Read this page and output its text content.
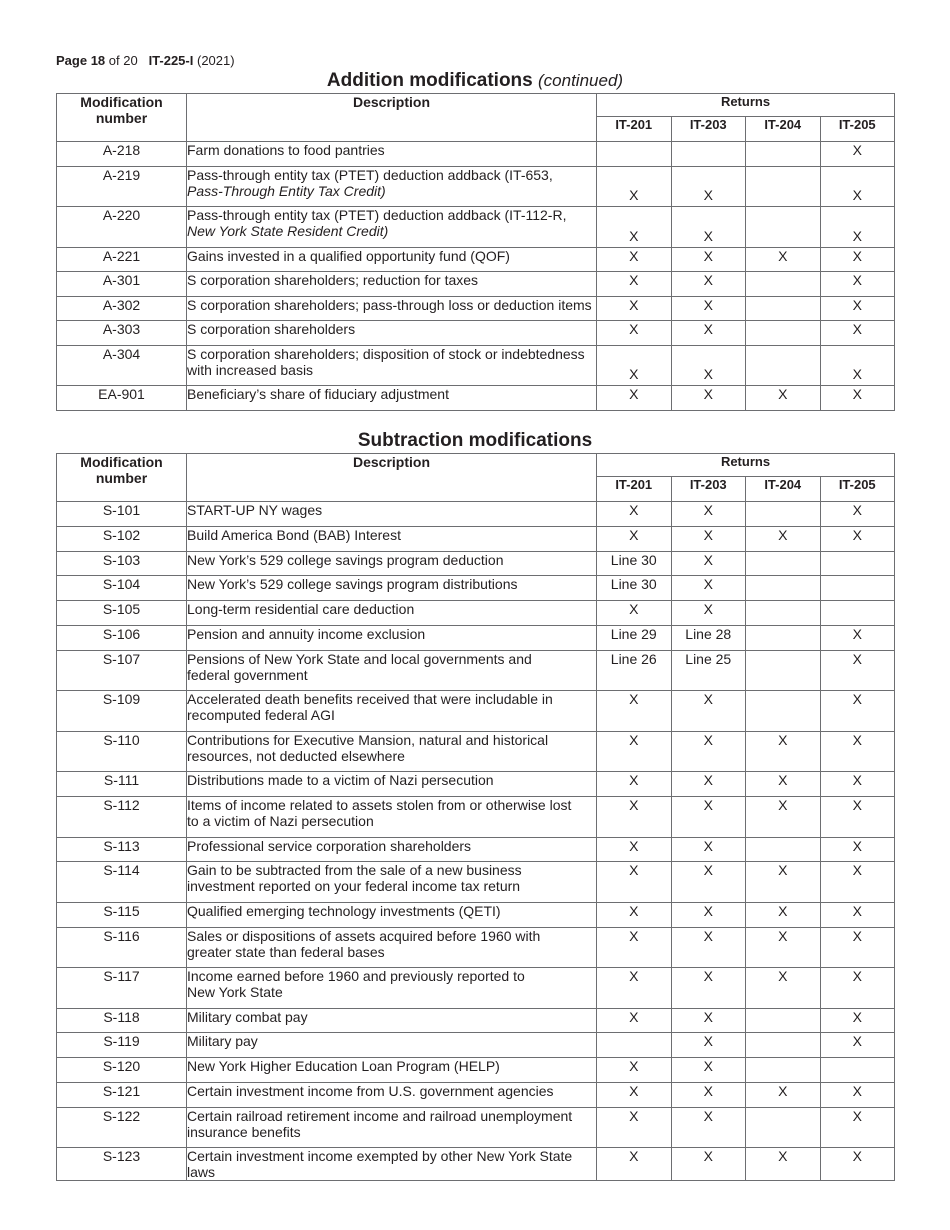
Page 18 of 20 IT-225-I (2021)
Addition modifications (continued)
Modification number	Description	Returns			
		IT-201	IT-203	IT-204	IT-205
A-218	Farm donations to food pantries				X
A-219	Pass-through entity tax (PTET) deduction addback (IT-653,
Pass-Through Entity Tax Credit)	X	X		X
A-220	Pass-through entity tax (PTET) deduction addback (IT-112-R,
New York State Resident Credit)	X	X		X
A-221	Gains invested in a qualified opportunity fund (QOF)	X	X	X	X
A-301	S corporation shareholders; reduction for taxes	X	X		X
A-302	S corporation shareholders; pass-through loss or deduction items	X	X		X
A-303	S corporation shareholders	X	X		X
A-304	S corporation shareholders; disposition of stock or indebtedness
with increased basis	X	X		X
EA-901	Beneficiary’s share of fiduciary adjustment	X	X	X	X
Subtraction modifications
Modification number	Description	Returns			
		IT-201	IT-203	IT-204	IT-205
S-101	START-UP NY wages	X	X		X
S-102	Build America Bond (BAB) Interest	X	X	X	X
S-103	New York’s 529 college savings program deduction	Line 30	X		
S-104	New York’s 529 college savings program distributions	Line 30	X		
S-105	Long-term residential care deduction	X	X		
S-106	Pension and annuity income exclusion	Line 29	Line 28		X
S-107	Pensions of New York State and local governments and
federal government	Line 26	Line 25		X
S-109	Accelerated death benefits received that were includable in
recomputed federal AGI	X	X		X
S-110	Contributions for Executive Mansion, natural and historical
resources, not deducted elsewhere	X	X	X	X
S-111	Distributions made to a victim of Nazi persecution	X	X	X	X
S-112	Items of income related to assets stolen from or otherwise lost
to a victim of Nazi persecution	X	X	X	X
S-113	Professional service corporation shareholders	X	X		X
S-114	Gain to be subtracted from the sale of a new business
investment reported on your federal income tax return	X	X	X	X
S-115	Qualified emerging technology investments (QETI)	X	X	X	X
S-116	Sales or dispositions of assets acquired before 1960 with
greater state than federal bases	X	X	X	X
S-117	Income earned before 1960 and previously reported to
New York State	X	X	X	X
S-118	Military combat pay	X	X		X
S-119	Military pay		X		X
S-120	New York Higher Education Loan Program (HELP)	X	X		
S-121	Certain investment income from U.S. government agencies	X	X	X	X
S-122	Certain railroad retirement income and railroad unemployment
insurance benefits	X	X		X
S-123	Certain investment income exempted by other New York State laws	X	X	X	X
